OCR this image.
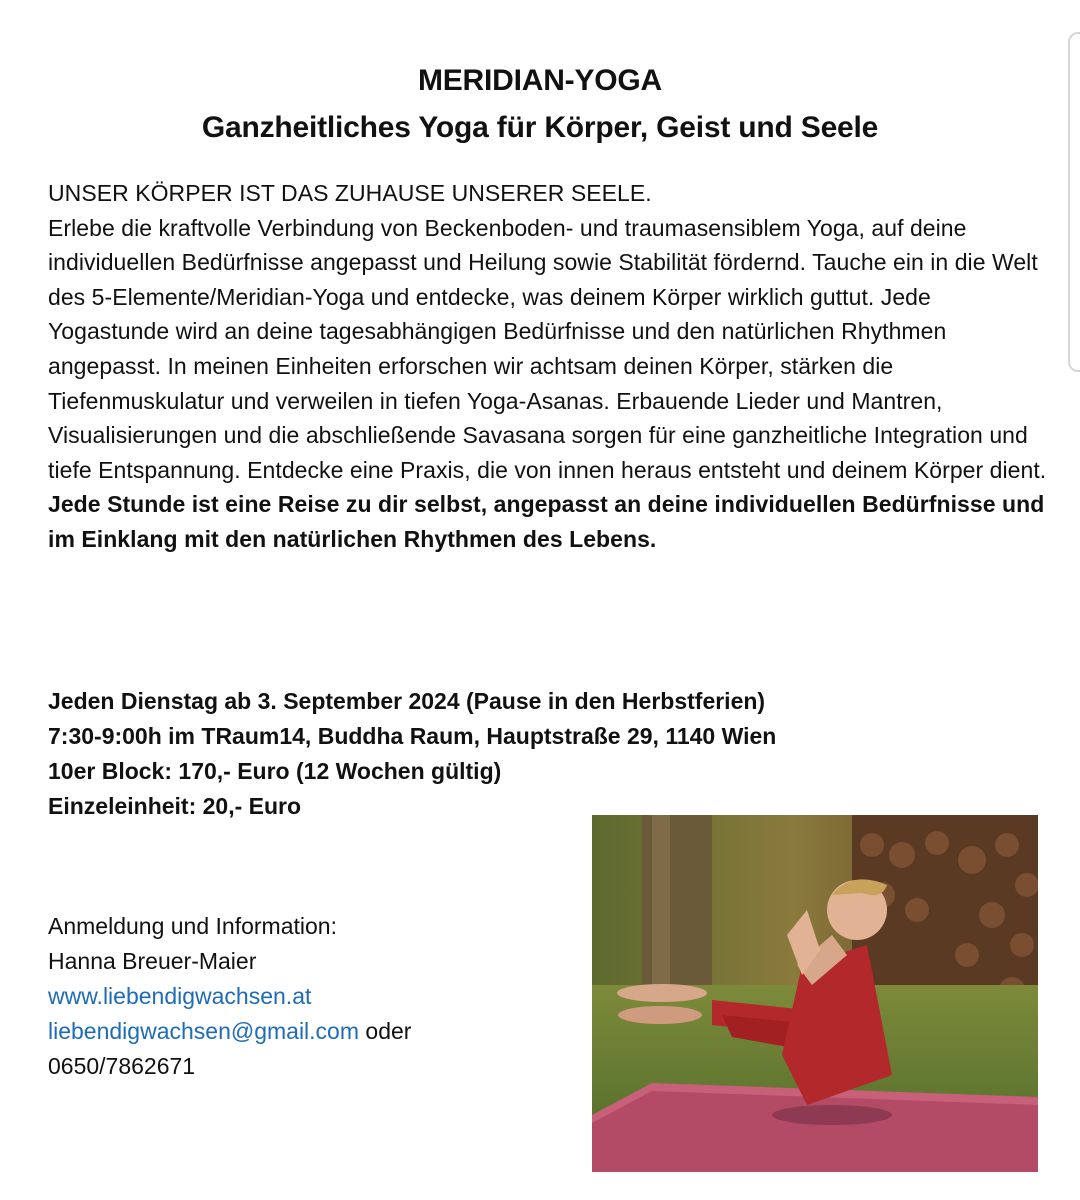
MERIDIAN-YOGA
Ganzheitliches Yoga für Körper, Geist und Seele

UNSER KÖRPER IST DAS ZUHAUSE UNSERER SEELE.

Erlebe die kraftvolle Verbindung von Beckenboden- und traumasensiblem Yoga, auf deine individuellen Bedürfnisse angepasst und Heilung sowie Stabilität fördernd. Tauche ein in die Welt des 5-Elemente/Meridian-Yoga und entdecke, was deinem Körper wirklich guttut. Jede Yogastunde wird an deine tagesabhängigen Bedürfnisse und den natürlichen Rhythmen angepasst. In meinen Einheiten erforschen wir achtsam deinen Körper, stärken die Tiefenmuskulatur und verweilen in tiefen Yoga-Asanas. Erbauende Lieder und Mantren, Visualisierungen und die abschließende Savasana sorgen für eine ganzheitliche Integration und tiefe Entspannung. Entdecke eine Praxis, die von innen heraus entsteht und deinem Körper dient.

Jede Stunde ist eine Reise zu dir selbst, angepasst an deine individuellen Bedürfnisse und im Einklang mit den natürlichen Rhythmen des Lebens.

Jeden Dienstag ab 3. September 2024 (Pause in den Herbstferien)
7:30-9:00h im TRaum14, Buddha Raum, Hauptstraße 29, 1140 Wien
10er Block: 170,- Euro (12 Wochen gültig)
Einzeleinheit: 20,- Euro
Anmeldung und Information:
Hanna Breuer-Maier
www.liebendigwachsen.at
liebendigwachsen@gmail.com oder
0650/7862671
